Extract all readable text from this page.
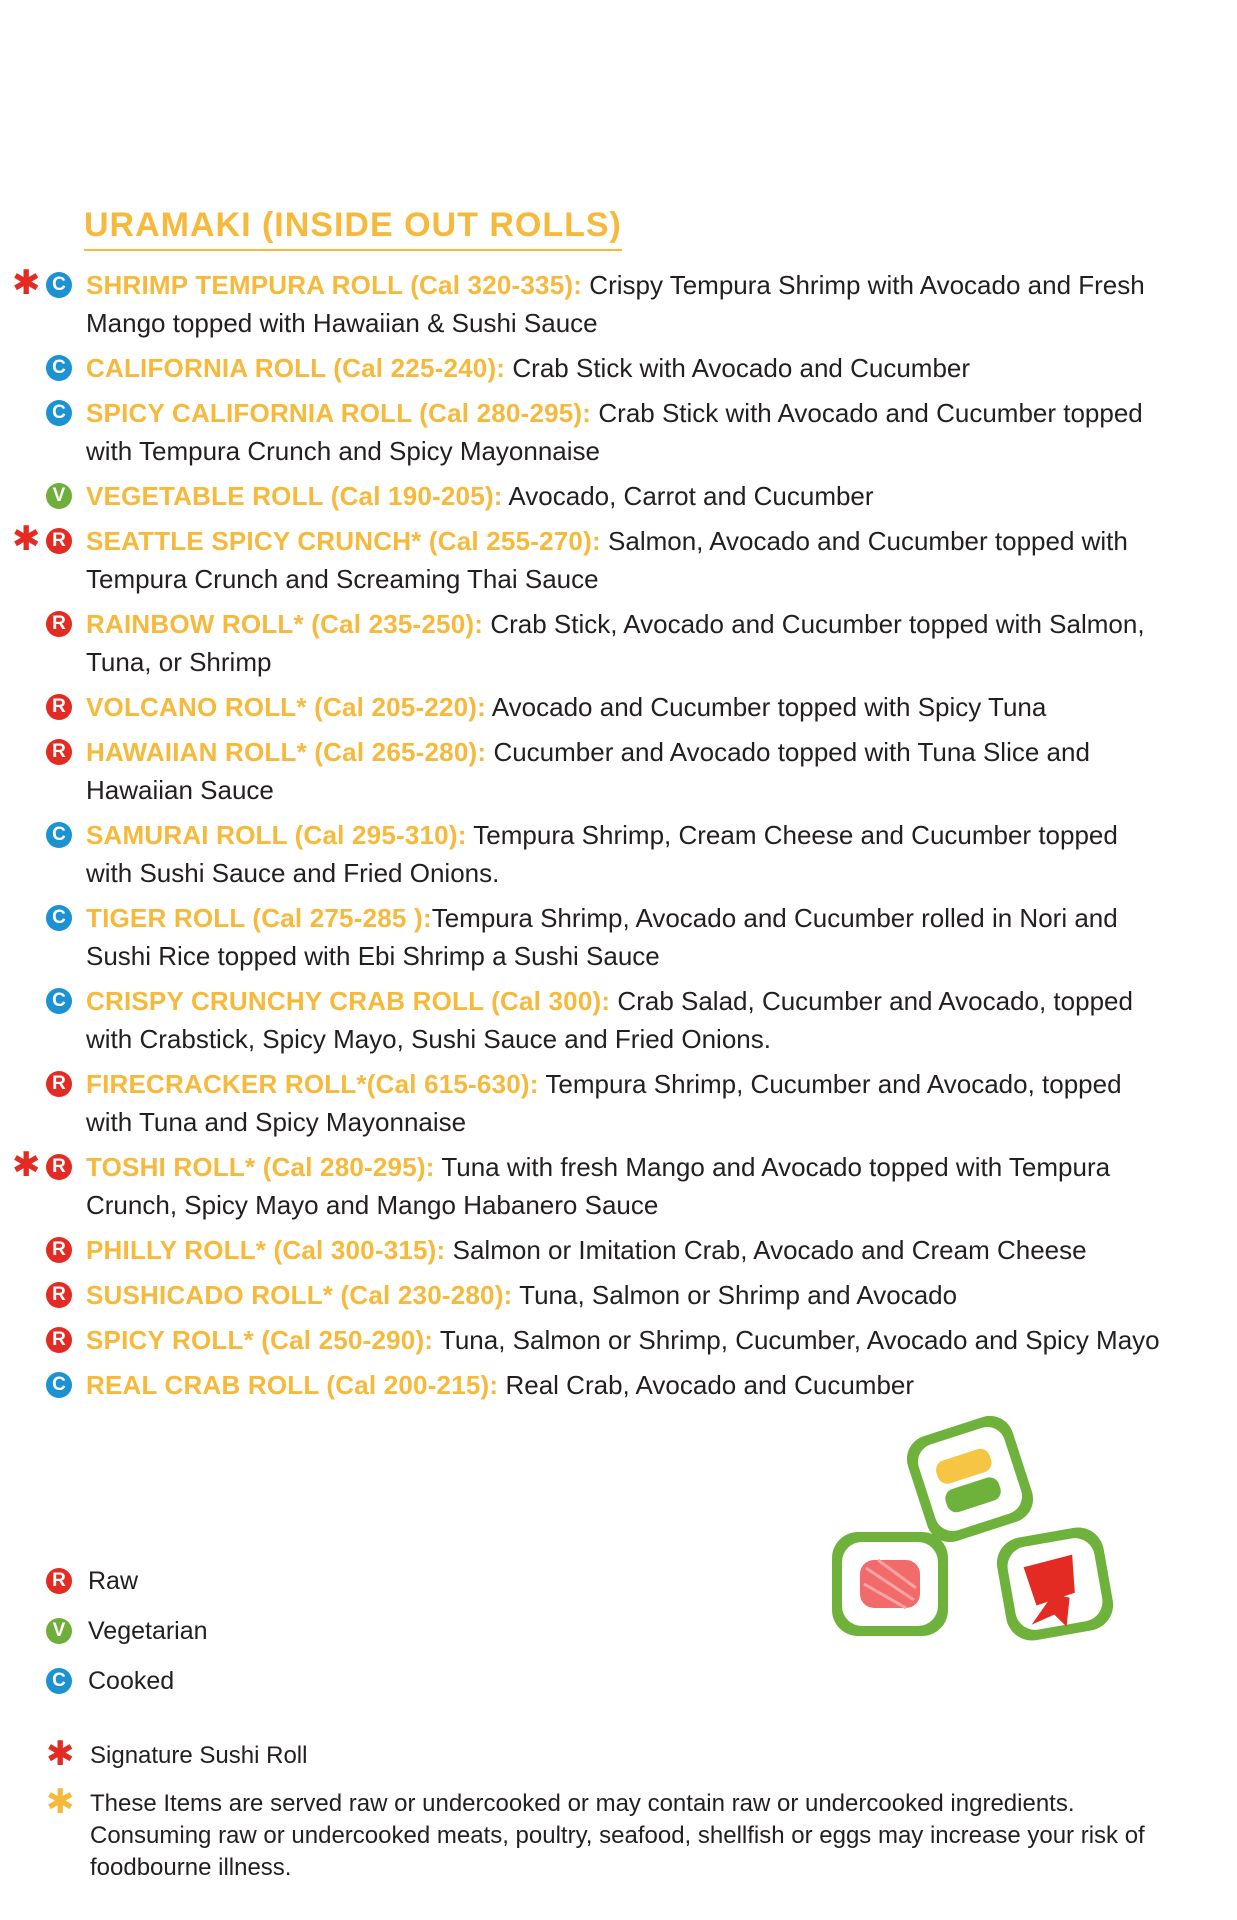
URAMAKI (INSIDE OUT ROLLS)
✱ C SHRIMP TEMPURA ROLL (Cal 320-335): Crispy Tempura Shrimp with Avocado and Fresh Mango topped with Hawaiian & Sushi Sauce
C CALIFORNIA ROLL (Cal 225-240): Crab Stick with Avocado and Cucumber
C SPICY CALIFORNIA ROLL (Cal 280-295): Crab Stick with Avocado and Cucumber topped with Tempura Crunch and Spicy Mayonnaise
V VEGETABLE ROLL (Cal 190-205): Avocado, Carrot and Cucumber
✱ R SEATTLE SPICY CRUNCH* (Cal 255-270): Salmon, Avocado and Cucumber topped with Tempura Crunch and Screaming Thai Sauce
R RAINBOW ROLL* (Cal 235-250): Crab Stick, Avocado and Cucumber topped with Salmon, Tuna, or Shrimp
R VOLCANO ROLL* (Cal 205-220): Avocado and Cucumber topped with Spicy Tuna
R HAWAIIAN ROLL* (Cal 265-280): Cucumber and Avocado topped with Tuna Slice and Hawaiian Sauce
C SAMURAI ROLL (Cal 295-310): Tempura Shrimp, Cream Cheese and Cucumber topped with Sushi Sauce and Fried Onions.
C TIGER ROLL (Cal 275-285 ):Tempura Shrimp, Avocado and Cucumber rolled in Nori and Sushi Rice topped with Ebi Shrimp a Sushi Sauce
C CRISPY CRUNCHY CRAB ROLL (Cal 300): Crab Salad, Cucumber and Avocado, topped with Crabstick, Spicy Mayo, Sushi Sauce and Fried Onions.
R FIRECRACKER ROLL*(Cal 615-630): Tempura Shrimp, Cucumber and Avocado, topped with Tuna and Spicy Mayonnaise
✱ R TOSHI ROLL* (Cal 280-295): Tuna with fresh Mango and Avocado topped with Tempura Crunch, Spicy Mayo and Mango Habanero Sauce
R PHILLY ROLL* (Cal 300-315): Salmon or Imitation Crab, Avocado and Cream Cheese
R SUSHICADO ROLL* (Cal 230-280): Tuna, Salmon or Shrimp and Avocado
R SPICY ROLL* (Cal 250-290): Tuna, Salmon or Shrimp, Cucumber, Avocado and Spicy Mayo
C REAL CRAB ROLL (Cal 200-215): Real Crab, Avocado and Cucumber
R Raw
V Vegetarian
C Cooked
✱ Signature Sushi Roll
✱ These Items are served raw or undercooked or may contain raw or undercooked ingredients. Consuming raw or undercooked meats, poultry, seafood, shellfish or eggs may increase your risk of foodbourne illness.
